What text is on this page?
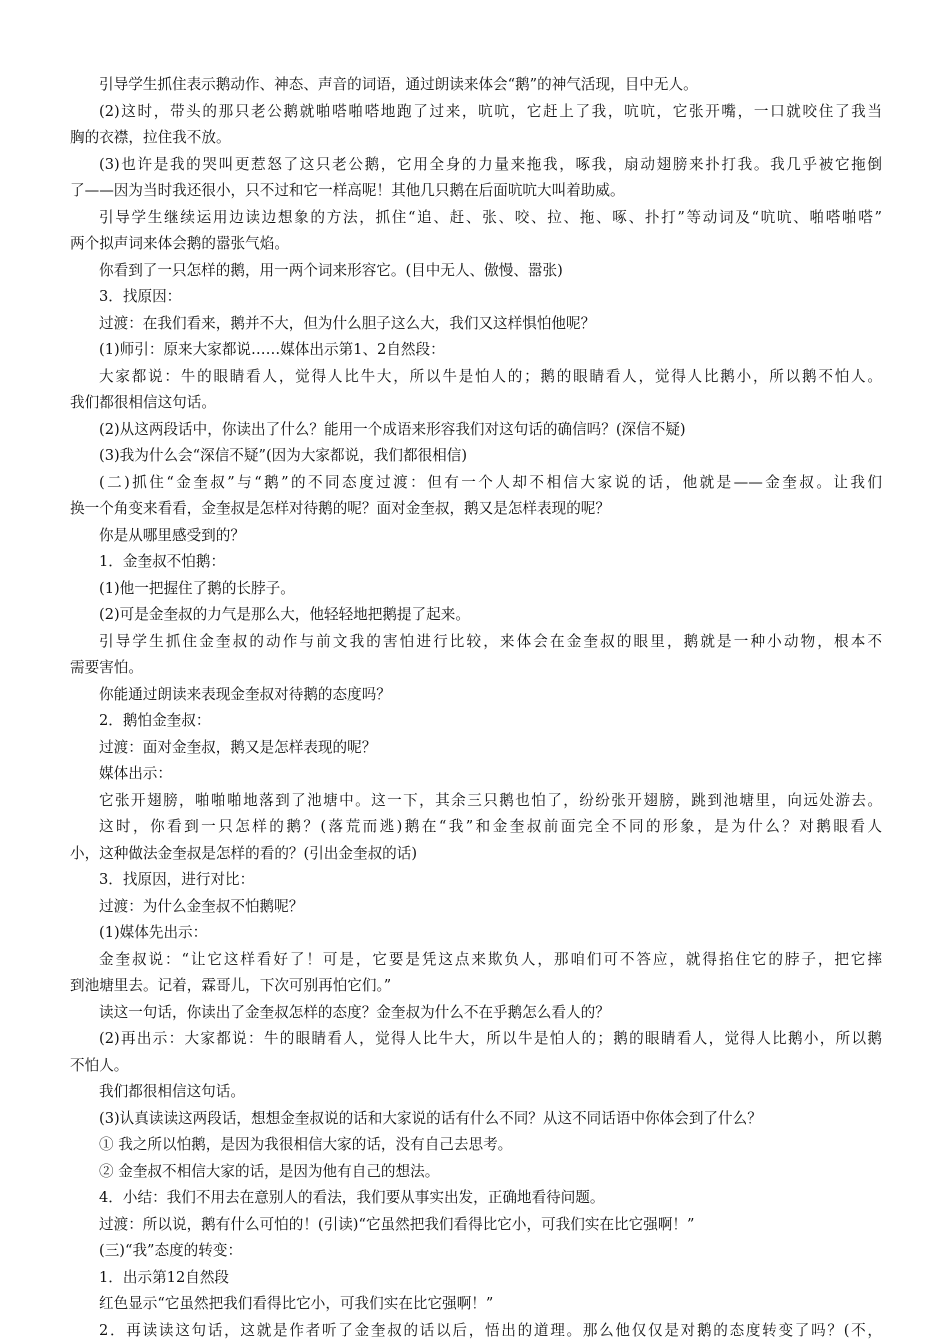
引导学生抓住表示鹅动作、神态、声音的词语，通过朗读来体会“鹅”的神气活现，目中无人。

(2)这时，带头的那只老公鹅就啪嗒啪嗒地跑了过来，吭吭，它赶上了我，吭吭，它张开嘴，一口就咬住了我当

胸的衣襟，拉住我不放。

(3)也许是我的哭叫更惹怒了这只老公鹅，它用全身的力量来拖我，啄我，扇动翅膀来扑打我。我几乎被它拖倒

了——因为当时我还很小，只不过和它一样高呢！其他几只鹅在后面吭吭大叫着助威。

引导学生继续运用边读边想象的方法，抓住“追、赶、张、咬、拉、拖、啄、扑打”等动词及“吭吭、啪嗒啪嗒”

两个拟声词来体会鹅的嚣张气焰。

你看到了一只怎样的鹅，用一两个词来形容它。(目中无人、傲慢、嚣张)

3．找原因：

过渡：在我们看来，鹅并不大，但为什么胆子这么大，我们又这样惧怕他呢？

(1)师引：原来大家都说……媒体出示第1、2自然段：

大家都说：牛的眼睛看人，觉得人比牛大，所以牛是怕人的；鹅的眼睛看人，觉得人比鹅小，所以鹅不怕人。

我们都很相信这句话。

(2)从这两段话中，你读出了什么？能用一个成语来形容我们对这句话的确信吗？(深信不疑)

(3)我为什么会“深信不疑”(因为大家都说，我们都很相信)

(二)抓住“金奎叔”与“鹅”的不同态度过渡：但有一个人却不相信大家说的话，他就是——金奎叔。让我们

换一个角变来看看，金奎叔是怎样对待鹅的呢？面对金奎叔，鹅又是怎样表现的呢？

你是从哪里感受到的？

1．金奎叔不怕鹅：

(1)他一把握住了鹅的长脖子。

(2)可是金奎叔的力气是那么大，他轻轻地把鹅提了起来。

引导学生抓住金奎叔的动作与前文我的害怕进行比较，来体会在金奎叔的眼里，鹅就是一种小动物，根本不

需要害怕。

你能通过朗读来表现金奎叔对待鹅的态度吗？

2．鹅怕金奎叔：

过渡：面对金奎叔，鹅又是怎样表现的呢？

媒体出示：

它张开翅膀，啪啪啪地落到了池塘中。这一下，其余三只鹅也怕了，纷纷张开翅膀，跳到池塘里，向远处游去。

这时，你看到一只怎样的鹅？(落荒而逃)鹅在“我”和金奎叔前面完全不同的形象，是为什么？对鹅眼看人

小，这种做法金奎叔是怎样的看的？(引出金奎叔的话)

3．找原因，进行对比：

过渡：为什么金奎叔不怕鹅呢？

(1)媒体先出示：

金奎叔说：“让它这样看好了！可是，它要是凭这点来欺负人，那咱们可不答应，就得掐住它的脖子，把它摔

到池塘里去。记着，霖哥儿，下次可别再怕它们。”

读这一句话，你读出了金奎叔怎样的态度？金奎叔为什么不在乎鹅怎么看人的？

(2)再出示：大家都说：牛的眼睛看人，觉得人比牛大，所以牛是怕人的；鹅的眼睛看人，觉得人比鹅小，所以鹅

不怕人。

我们都很相信这句话。

(3)认真读读这两段话，想想金奎叔说的话和大家说的话有什么不同？从这不同话语中你体会到了什么？

① 我之所以怕鹅，是因为我很相信大家的话，没有自己去思考。

② 金奎叔不相信大家的话，是因为他有自己的想法。

4．小结：我们不用去在意别人的看法，我们要从事实出发，正确地看待问题。

过渡：所以说，鹅有什么可怕的！(引读)“它虽然把我们看得比它小，可我们实在比它强啊！”

(三)“我”态度的转变：

1．出示第12自然段

红色显示“它虽然把我们看得比它小，可我们实在比它强啊！”

2．再读读这句话，这就是作者听了金奎叔的话以后，悟出的道理。那么他仅仅是对鹅的态度转变了吗？(不，
